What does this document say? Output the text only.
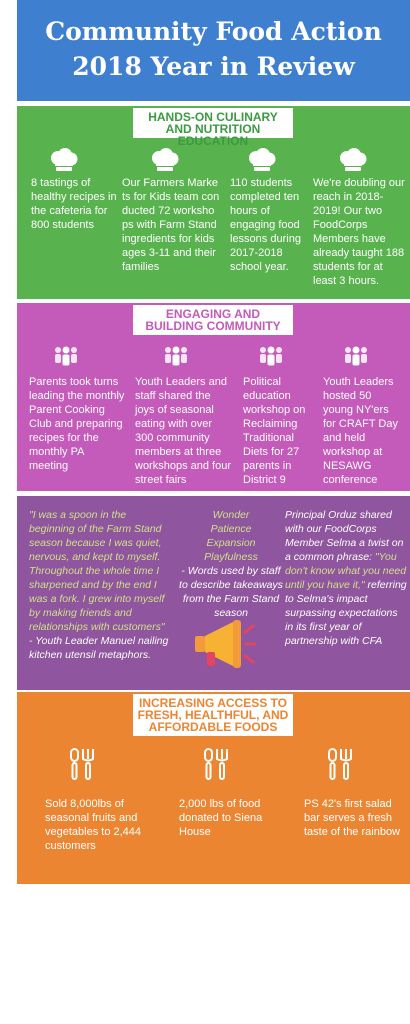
Community Food Action
2018 Year in Review
HANDS-ON CULINARY AND NUTRITION EDUCATION
8 tastings of healthy recipes in the cafeteria for 800 students
Our Farmers Markets for Kids team conducted 72 workshops with Farm Stand ingredients for kids ages 3-11 and their families
110 students completed ten hours of engaging food lessons during 2017-2018 school year.
We're doubling our reach in 2018-2019! Our two FoodCorps Members have already taught 188 students for at least 3 hours.
ENGAGING AND BUILDING COMMUNITY
Parents took turns leading the monthly Parent Cooking Club and preparing recipes for the monthly PA meeting
Youth Leaders and staff shared the joys of seasonal eating with over 300 community members at three workshops and four street fairs
Political education workshop on Reclaiming Traditional Diets for 27 parents in District 9
Youth Leaders hosted 50 young NY'ers for CRAFT Day and held workshop at NESAWG conference
"I was a spoon in the beginning of the Farm Stand season because I was quiet, nervous, and kept to myself. Throughout the whole time I sharpened and by the end I was a fork. I grew into myself by making friends and relationships with customers"
- Youth Leader Manuel nailing kitchen utensil metaphors.
Wonder
Patience
Expansion
Playfulness
- Words used by staff to describe takeaways from the Farm Stand season
Principal Orduz shared with our FoodCorps Member Selma a twist on a common phrase: "You don't know what you need until you have it," referring to Selma's impact surpassing expectations in its first year of partnership with CFA
INCREASING ACCESS TO FRESH, HEALTHFUL, AND AFFORDABLE FOODS
Sold 8,000lbs of seasonal fruits and vegetables to 2,444 customers
2,000 lbs of food donated to Siena House
PS 42's first salad bar serves a fresh taste of the rainbow
